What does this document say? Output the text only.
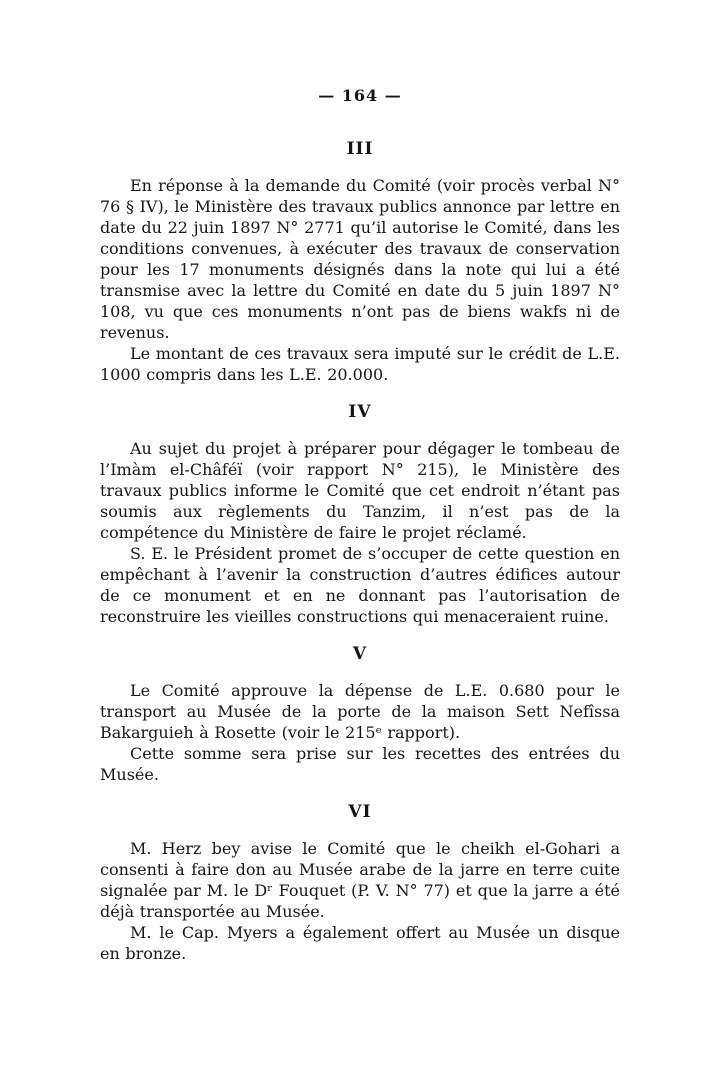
— 164 —
III

En réponse à la demande du Comité (voir procès verbal N° 76 § IV), le Ministère des travaux publics annonce par lettre en date du 22 juin 1897 N° 2771 qu’il autorise le Comité, dans les conditions convenues, à exécuter des travaux de conservation pour les 17 monuments désignés dans la note qui lui a été transmise avec la lettre du Comité en date du 5 juin 1897 N° 108, vu que ces monuments n’ont pas de biens wakfs ni de revenus.

Le montant de ces travaux sera imputé sur le crédit de L.E. 1000 compris dans les L.E. 20.000.

IV

Au sujet du projet à préparer pour dégager le tombeau de l’Imàm el-Châféï (voir rapport N° 215), le Ministère des travaux publics informe le Comité que cet endroit n’étant pas soumis aux règlements du Tanzim, il n’est pas de la compétence du Ministère de faire le projet réclamé.

S. E. le Président promet de s’occuper de cette question en empêchant à l’avenir la construction d’autres édifices autour de ce monument et en ne donnant pas l’autorisation de reconstruire les vieilles constructions qui menaceraient ruine.

V

Le Comité approuve la dépense de L.E. 0.680 pour le transport au Musée de la porte de la maison Sett Nefîssa Bakarguieh à Rosette (voir le 215ᵉ rapport).

Cette somme sera prise sur les recettes des entrées du Musée.

VI

M. Herz bey avise le Comité que le cheikh el-Gohari a consenti à faire don au Musée arabe de la jarre en terre cuite signalée par M. le Dʳ Fouquet (P. V. N° 77) et que la jarre a été déjà transportée au Musée.

M. le Cap. Myers a également offert au Musée un disque en bronze.
